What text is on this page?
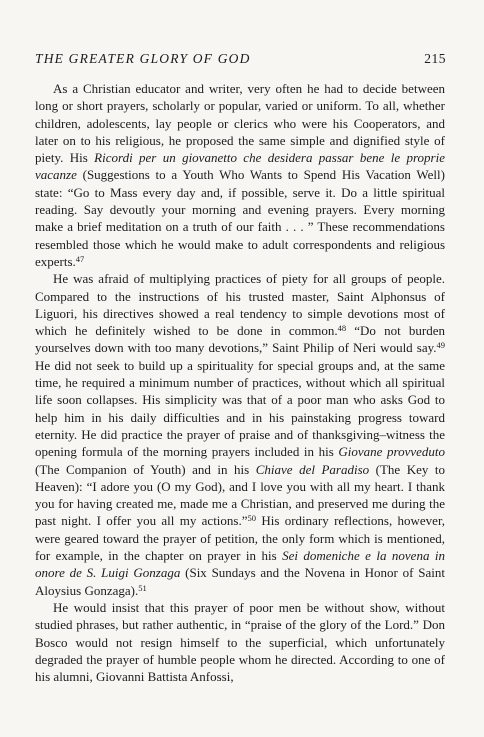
THE GREATER GLORY OF GOD	215

As a Christian educator and writer, very often he had to decide between long or short prayers, scholarly or popular, varied or uniform. To all, whether children, adolescents, lay people or clerics who were his Cooperators, and later on to his religious, he proposed the same simple and dignified style of piety. His Ricordi per un giovanetto che desidera passar bene le proprie vacanze (Suggestions to a Youth Who Wants to Spend His Vacation Well) state: “Go to Mass every day and, if possible, serve it. Do a little spiritual reading. Say devoutly your morning and evening prayers. Every morning make a brief meditation on a truth of our faith . . . ” These recommendations resembled those which he would make to adult correspondents and religious experts.$^{47}$

He was afraid of multiplying practices of piety for all groups of people. Compared to the instructions of his trusted master, Saint Alphonsus of Liguori, his directives showed a real tendency to simple devotions most of which he definitely wished to be done in common.$^{48}$ “Do not burden yourselves down with too many devotions,” Saint Philip of Neri would say.$^{49}$ He did not seek to build up a spirituality for special groups and, at the same time, he required a minimum number of practices, without which all spiritual life soon collapses. His simplicity was that of a poor man who asks God to help him in his daily difficulties and in his painstaking progress toward eternity. He did practice the prayer of praise and of thanksgiving–witness the opening formula of the morning prayers included in his Giovane provveduto (The Companion of Youth) and in his Chiave del Paradiso (The Key to Heaven): “I adore you (O my God), and I love you with all my heart. I thank you for having created me, made me a Christian, and preserved me during the past night. I offer you all my actions.”$^{50}$ His ordinary reflections, however, were geared toward the prayer of petition, the only form which is mentioned, for example, in the chapter on prayer in his Sei domeniche e la novena in onore de S. Luigi Gonzaga (Six Sundays and the Novena in Honor of Saint Aloysius Gonzaga).$^{51}$

He would insist that this prayer of poor men be without show, without studied phrases, but rather authentic, in “praise of the glory of the Lord.” Don Bosco would not resign himself to the superficial, which unfortunately degraded the prayer of humble people whom he directed. According to one of his alumni, Giovanni Battista Anfossi,
